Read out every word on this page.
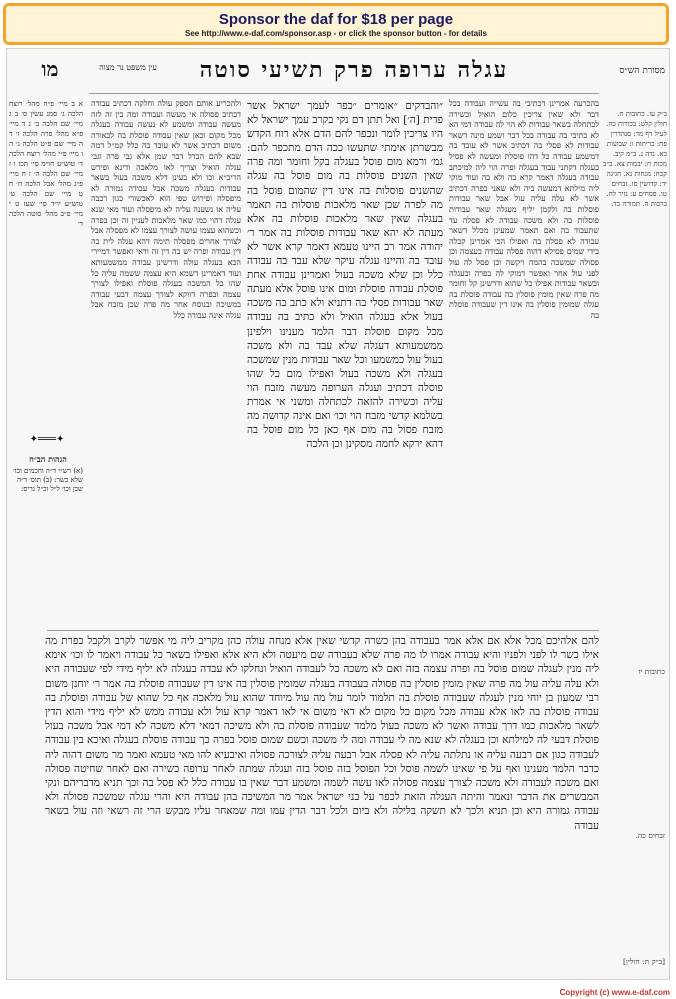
Sponsor the daf for $18 per page
See http://www.e-daf.com/sponsor.asp - or click the sponsor button - for details
מסורת הש״ס
עגלה ערופה פרק תשיעי סוטה
עין משפט נר מצוה
מו
ב״ק עז. כתובות ח. חולין קלט: בכורות כה. לעיל דף מד: סנהדרין פח: כריתות ו: שבועות כא. נדה נ. ב״מ קיב. מכות ח: יבמות צא. ב״ב קכח: מנחות נא. חגיגה יד: קדושין סו. זבחים טו. פסחים ע: נזיר לח. ברכות ה. תמורה כד.
בהכרעה אמרינן דכתיבי בה עשייה ועבודה בכל דבר ולא שאין צריכין כלום הואיל וכשירה לכתחלה בשאר עבודות לא הוי לה עבודה דמי הא לא כתיבי בה עבודה בכל דבר ושמע מינה דשאר עבודות לא פסלי בה דכתיב אשר לא עובד בה דמשמע עבודה כל דהו פוסלת ומעשה לא פסיל בעגלה דקתני עבוד בעגלה ופרה הוי ליה למיכתב עבודה בעגלה דאמר קרא בה ולא בה ועוד מוקי ליה מילתא דמעשה ביה ולא שאני בפרה דכתיב אשר לא עלה עליה עול אבל שאר עבודות פוסלות בה ולקמן יליף מעגלה שאר עבודות פוסלות בה ולא משכה עבודה לא פסלה עד שתעבוד בה ואם תאמר שמעינן מכלל דשאר עבודה לא פסלה בה ואפילו הכי אמרינן קבלה בידי שמים פסילא דהוה פסלה עבודה בעצמה וכן פסולה שמשכה בהמה ויקשה וכן פסל לה עול לפני עול אחר ואפשר דמוקי לה בפרה ובעגלה ובשאר עבודות אפילו כל שהוא ודרשינן קל וחומר מה פרה שאין מומין פוסלין בה עבודה פוסלת בה עגלה שמומין פוסלין בה אינו דין שעבודה פוסלת בה
״והבדקים ״אומרים ״כפר לעמך ישראל אשר פדית [ה׳] ואל תתן דם נקי בקרב עמך ישראל לא היו צריכין לומר ונכפר להם הדם אלא רוח הקדש מבשרתן אימתי שתעשו ככה הדם מתכפר להם: גמ׳ ורמא מום פוסל בעגלה בקל וחומר ומה פרה שאין השנים פוסלות בה מום פוסל בה עגלה שהשנים פוסלות בה אינו דין שהמום פוסל בה מה לפרה שכן שאר מלאכות פוסלות בה תאמר בעגלה שאין שאר מלאכות פוסלות בה אלא מעתה לא יהא שאר עבודות פוסלות בה אמר ר׳ יהודה אמר רב היינו טעמא דאמר קרא אשר לא עובד בה והיינו עגלה עיקר שלא עבד בה עבודה כלל וכן שלא משכה בעול ואמרינן עבודה אחת פוסלת עבודה פוסלת ומום אינו פוסל אלא מעתה שאר עבודות פסלי בה דתניא ולא כתב בה משכה בעול אלא בעגלה הואיל ולא כתיב בה עבודה מכל מקום פוסלת דבר הלמד מענינו וילפינן ממשמעותא דעגלה שלא עבד בה ולא משכה בעול עול כמשמעו וכל שאר עבודות מנין שמשכה בעגלה ולא משכה בעול ואפילו מום כל שהו פוסלה דכתיב ועגלה הערופה מעשה מזבח הוי עליה וכשירה להזאה לכתחלה ומשני אי אמרת בשלמא קדשי מזבח הוי וכו׳ ואם אינה קדושה מה מזבח פסול בה מום אף כאן כל מום פוסל בה דהא ירקא לחמה מסקינן וכן הלכה
ולהכריע אותם הספק עולה וחלקה דכתיב עבודה דכתיב פסולה אי מעשה ועבודה ומה בין זה לזה מעשה עבודה ומשמע לא נעשה עבודה בעגלה מכל מקום וכאן שאין עבודה פוסלת בה לכאורה משום דכתיב אשר לא עובד בה כלל קמ״ל דמה שבא להם הבדל דבר שמן אלא גבי פרה וגבי עגלה הואיל וצריך לאו מלאכה ודינא ופירש הריב״א וכו ולא בעינן דלא משכה בעול בשאר עבודות בעגלה משכה אבל עבודה גמורה לא מיפסלה ופירוש טפי הוא לאכשורי כגון רכבה עליה או נשענה עליה לא מיפסלה ועוד מאי שנא עגלה דהוי כמו שאר מלאכות לעניין זה וכן בפרה וכשהוא עצמו עושה לצורך עצמו לא מפסלה אבל לצורך אחרים מפסלה תימה דהא עגלה לית בה דין עבודה ופרה יש בה דין זה ודאי ואפשר דמיירי הכא בעגלה עולה ודרשינן עבודה ממשמעותא ועוד דאמרינן דשמא היא עצמה ששמה עליה כל שהו כל המשכה בעגלה פוסלת ואפילו לצורך עצמה ובפרה דווקא לצורך עצמה דבעי עבודה במשיכה ובנוסח אחר מה פרה שכן מזבח אבל עגלה אינה עבודה כלל
א ב מיי׳ פ״ח מהל׳ רוצח הלכה ג׳ סמג עשין ס׳ ב ג מיי׳ שם הלכה ב׳ ג ד מיי׳ פ״א מהל׳ פרה הלכה ז׳ ד ה מיי׳ שם פ״ט הלכה ג׳ ה ו מיי׳ פ״י מהל׳ רוצח הלכה ד׳ טוש״ע חו״מ סי׳ תכז ו ז מיי׳ שם הלכה ה׳ ז ח מיי׳ פ״ג מהל׳ אבל הלכה ח׳ ח ט מיי׳ שם הלכה ט׳ טוש״ע יו״ד סי׳ שעז ט י מיי׳ פ״ב מהל׳ סוטה הלכה ד׳
✦═══✦
הגהות הב״ח
(א) רש״י ד״ה וחכמים וכו׳ שלא כשר: (ב) תוס׳ ד״ה שכן וכו׳ ל״ל וכ״ל גריס:
להם אלהיכם מכל אלא אם אלא אמר בעבודה בהן כשרה קדשי שאין אלא מנחה עולה כהן מקריב ליה מי אפשר לקרב ולקבל כפרת מה אילו כשר לו לפני ולפניו והיא עבודה אמרו לו מה פרה שלא בעבודה שם מיעטה ולא היא אלא ואפילו בשאר כל עבודה ויאמר לו וכו׳ אימא ליה מנין לעגלה שמום פוסל בה ופרה עצמה בזה ואם לא משכה כל לעבודה הואיל ונחלקו לא עבדה בעגלה לא יליף מידי לפי שעבודה היא ולא עלה עליה עול מה פרה שאין מומין פוסלין בה פסולה בעבודה בעגלה שמומין פוסלין בה אינו דין שעבודה פוסלת בה אמר ר׳ יוחנן משום רבי שמעון בן יוחי מנין לעגלה שעבודה פוסלת בה תלמוד לומר עול מה עול מיוחד שהוא עול מלאכה אף כל שהוא של עבודה ופוסלת בה עבודה פוסלת בה לאו אלא עבודה מכל מקום כל מקום לא דאי משום אי לאו דאמר קרא עול ולא עבודה ממש לא יליף מידי והוא הדין לשאר מלאכות כמו דרך עבודה ואשר לא משכה בעול מלמד שעבודה פוסלת בה ולא משיכה דמאי דלא משכה לא דמי אבל משכה בעול פוסלת דבעי לה למילתא וכן בעגלה לא שנא מה לי עבודה ומה לי משכה וכשם שמום פוסל בפרה כך עבודה פוסלת בעגלה ואיכא בין עבודה לעבודה כגון אם רבעה עליה או נתלתה עליה לא פסלה אבל רבעה עליה לצורכה פסולה ואיבעיא להו מאי טעמא ואמר מר משום דהוה ליה כדבר הלמד מענינו ואף על פי שאינו לשמה פוסל וכל הפוסל בזה פוסל בזה ועגלה שמתה לאחר ערופה כשירה ואם לאחר שחיטה פסולה ואם משכה לעבודה ולא משכה לצורך עצמה פסולה לאו עשה לשמה ומשמע דבר שאין בו עבודה כלל לא פסל בה וכך תניא מדבריהם ונקי המבשרים את הדבר ונאמר והיתה העגלה הזאת לכפר על בני ישראל אמר מר המשיכה בהן עבודה היא והרי עגלה שמשכה פסולה ולא עבודה גמורה היא וכן תניא ולכך לא תשקה בלילה ולא ביום ולכל דבר הדין עמו ומה שמאחר עליו מבקש הרי זה רשאי וזה עול בשאר עבודה
כתובות יז
זבחים כה.
[ב״ק ת: חולין]
Copyright (c) www.e-daf.com
